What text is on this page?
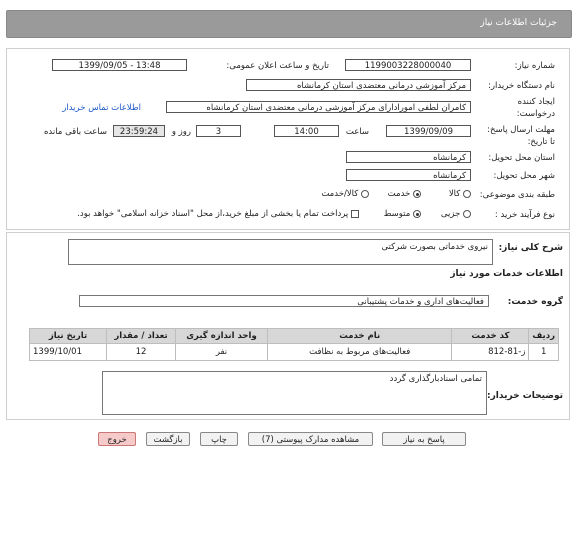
جزئیات اطلاعات نیاز
شماره نیاز:
1199003228000040
تاریخ و ساعت اعلان عمومی:
1399/09/05 - 13:48
نام دستگاه خریدار:
مرکز آموزشی درمانی معتضدی استان کرمانشاه
ایجاد کننده
درخواست:
کامران لطفی امورادارای مرکز آموزشی درمانی معتضدی استان کرمانشاه
اطلاعات تماس خریدار
مهلت ارسال پاسخ:
تا تاریخ:
1399/09/09
ساعت
14:00
3
روز و
23:59:24
ساعت باقی مانده
استان محل تحویل:
کرمانشاه
شهر محل تحویل:
کرمانشاه
طبقه بندی موضوعی:
کالا
خدمت
کالا/خدمت
نوع فرآیند خرید :
جزیی
متوسط
پرداخت تمام یا بخشی از مبلغ خرید،از محل "اسناد خزانه اسلامی" خواهد بود.
شرح کلی نیاز:
نیروی خدماتی بصورت شرکتی
اطلاعات خدمات مورد نیاز
گروه خدمت:
فعالیت‌های اداری و خدمات پشتیبانی
ردیف	کد خدمت	نام خدمت	واحد اندازه گیری	تعداد / مقدار	تاریخ نیاز
1	ز-81-812	فعالیت‌های مربوط به نظافت	نفر	12	1399/10/01
توضیحات خریدار:
تمامی اسنادبارگذاری گردد
پاسخ به نیاز
مشاهده مدارک پیوستی (7)
چاپ
بازگشت
خروج
